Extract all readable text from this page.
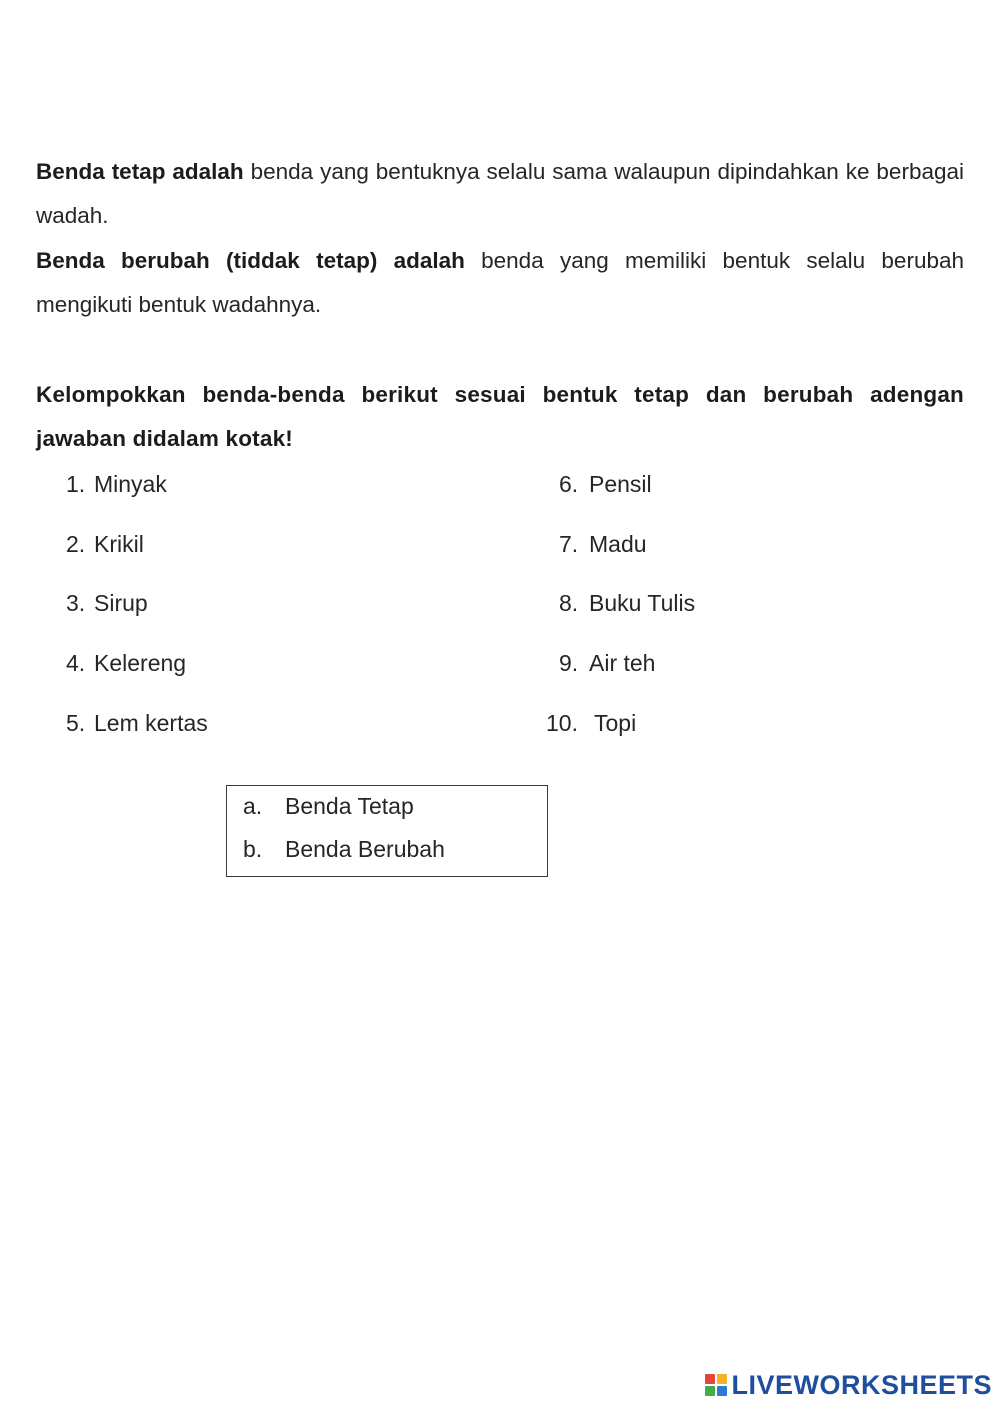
Benda tetap adalah benda yang bentuknya selalu sama walaupun dipindahkan ke berbagai wadah.

Benda berubah (tiddak tetap) adalah benda yang memiliki bentuk selalu berubah mengikuti bentuk wadahnya.

Kelompokkan benda-benda berikut sesuai bentuk tetap dan berubah adengan jawaban didalam kotak!

1. Minyak
2. Krikil
3. Sirup
4. Kelereng
5. Lem kertas
6. Pensil
7. Madu
8. Buku Tulis
9. Air teh
10. Topi
a. Benda Tetap
b. Benda Berubah
LIVEWORKSHEETS
